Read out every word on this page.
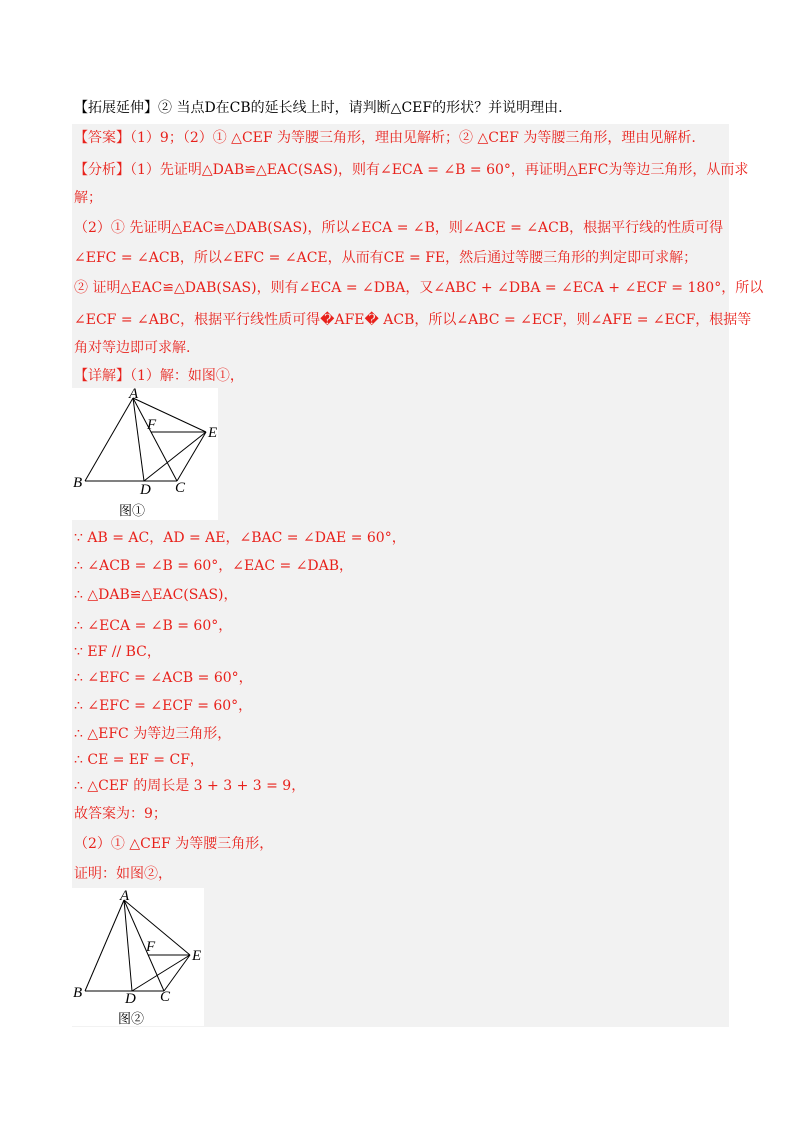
【拓展延伸】② 当点D在CB的延长线上时，请判断△CEF的形状？并说明理由.
【答案】（1）9；（2）① △CEF 为等腰三角形，理由见解析；② △CEF 为等腰三角形，理由见解析.
【分析】（1）先证明△DAB≌△EAC(SAS)，则有∠ECA = ∠B = 60°，再证明△EFC为等边三角形，从而求
解；
（2）① 先证明△EAC≌△DAB(SAS)，所以∠ECA = ∠B，则∠ACE = ∠ACB，根据平行线的性质可得
∠EFC = ∠ACB，所以∠EFC = ∠ACE，从而有CE = FE，然后通过等腰三角形的判定即可求解；
② 证明△EAC≌△DAB(SAS)，则有∠ECA = ∠DBA，又∠ABC + ∠DBA = ∠ECA + ∠ECF = 180°，所以
∠ECF = ∠ABC，根据平行线性质可得�AFE� ACB，所以∠ABC = ∠ECF，则∠AFE = ∠ECF，根据等
角对等边即可求解.
【详解】（1）解：如图①，
A
F	E
B	D C
图①
∵ AB = AC，AD = AE，∠BAC = ∠DAE = 60°，
∴ ∠ACB = ∠B = 60°，∠EAC = ∠DAB，
∴ △DAB≌△EAC(SAS)，
∴ ∠ECA = ∠B = 60°，
∵ EF // BC，
∴ ∠EFC = ∠ACB = 60°，
∴ ∠EFC = ∠ECF = 60°，
∴ △EFC 为等边三角形，
∴ CE = EF = CF，
∴ △CEF 的周长是 3 + 3 + 3 = 9，
故答案为：9；
（2）① △CEF 为等腰三角形，
证明：如图②，
A
F
E
B	D C
图②
